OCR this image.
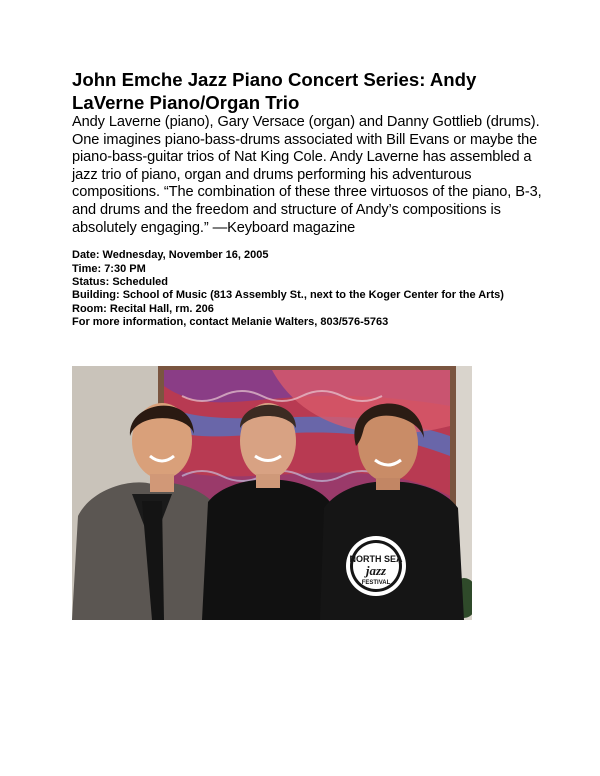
John Emche Jazz Piano Concert Series: Andy LaVerne Piano/Organ Trio

Andy Laverne (piano), Gary Versace (organ) and Danny Gottlieb (drums). One imagines piano-bass-drums associated with Bill Evans or maybe the piano-bass-guitar trios of Nat King Cole. Andy Laverne has assembled a jazz trio of piano, organ and drums performing his adventurous compositions. “The combination of these three virtuosos of the piano, B-3, and drums and the freedom and structure of Andy’s compositions is absolutely engaging.” —Keyboard magazine

Date: Wednesday, November 16, 2005
Time: 7:30 PM
Status: Scheduled
Building: School of Music (813 Assembly St., next to the Koger Center for the Arts)
Room: Recital Hall, rm. 206
For more information, contact Melanie Walters, 803/576-5763
NORTH SEA
jazz
FESTIVAL
